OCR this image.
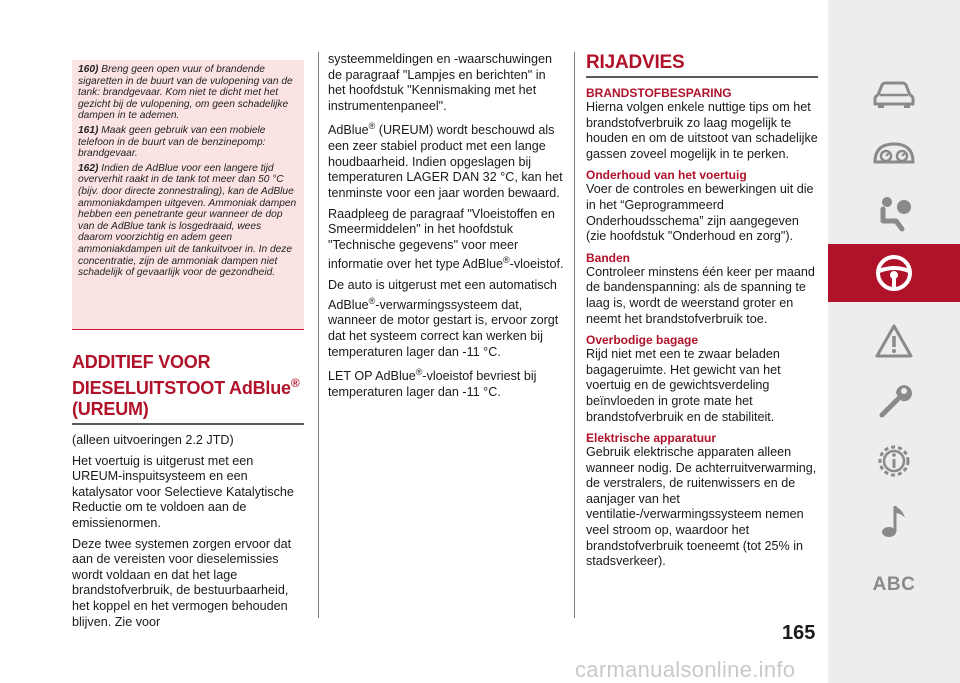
160) Breng geen open vuur of brandende sigaretten in de buurt van de vulopening van de tank: brandgevaar. Kom niet te dicht met het gezicht bij de vulopening, om geen schadelijke dampen in te ademen.

161) Maak geen gebruik van een mobiele telefoon in de buurt van de benzinepomp: brandgevaar.

162) Indien de AdBlue voor een langere tijd oververhit raakt in de tank tot meer dan 50 °C (bijv. door directe zonnestraling), kan de AdBlue ammoniakdampen uitgeven. Ammoniak dampen hebben een penetrante geur wanneer de dop van de AdBlue tank is losgedraaid, wees daarom voorzichtig en adem geen ammoniakdampen uit de tankuitvoer in. In deze concentratie, zijn de ammoniak dampen niet schadelijk of gevaarlijk voor de gezondheid.

ADDITIEF VOOR
DIESELUITSTOOT AdBlue®
(UREUM)

(alleen uitvoeringen 2.2 JTD)

Het voertuig is uitgerust met een UREUM-inspuitsysteem en een katalysator voor Selectieve Katalytische Reductie om te voldoen aan de emissienormen.

Deze twee systemen zorgen ervoor dat aan de vereisten voor dieselemissies wordt voldaan en dat het lage brandstofverbruik, de bestuurbaarheid, het koppel en het vermogen behouden blijven. Zie voor

systeemmeldingen en -waarschuwingen de paragraaf "Lampjes en berichten" in het hoofdstuk "Kennismaking met het instrumentenpaneel".

AdBlue® (UREUM) wordt beschouwd als een zeer stabiel product met een lange houdbaarheid. Indien opgeslagen bij temperaturen LAGER DAN 32 °C, kan het tenminste voor een jaar worden bewaard.

Raadpleeg de paragraaf "Vloeistoffen en Smeermiddelen" in het hoofdstuk "Technische gegevens" voor meer informatie over het type AdBlue®-vloeistof.

De auto is uitgerust met een automatisch AdBlue®-verwarmingssysteem dat, wanneer de motor gestart is, ervoor zorgt dat het systeem correct kan werken bij temperaturen lager dan -11 °C.

LET OP AdBlue®-vloeistof bevriest bij temperaturen lager dan -11 °C.

RIJADVIES
BRANDSTOFBESPARING

Hierna volgen enkele nuttige tips om het brandstofverbruik zo laag mogelijk te houden en om de uitstoot van schadelijke gassen zoveel mogelijk in te perken.

Onderhoud van het voertuig

Voer de controles en bewerkingen uit die in het “Geprogrammeerd Onderhoudsschema” zijn aangegeven (zie hoofdstuk "Onderhoud en zorg").

Banden

Controleer minstens één keer per maand de bandenspanning: als de spanning te laag is, wordt de weerstand groter en neemt het brandstofverbruik toe.

Overbodige bagage

Rijd niet met een te zwaar beladen bagageruimte. Het gewicht van het voertuig en de gewichtsverdeling beïnvloeden in grote mate het brandstofverbruik en de stabiliteit.

Elektrische apparatuur

Gebruik elektrische apparaten alleen wanneer nodig. De achterruitverwarming, de verstralers, de ruitenwissers en de aanjager van het ventilatie-/verwarmingssysteem nemen veel stroom op, waardoor het brandstofverbruik toeneemt (tot 25% in stadsverkeer).

165
carmanualsonline.info
ABC
